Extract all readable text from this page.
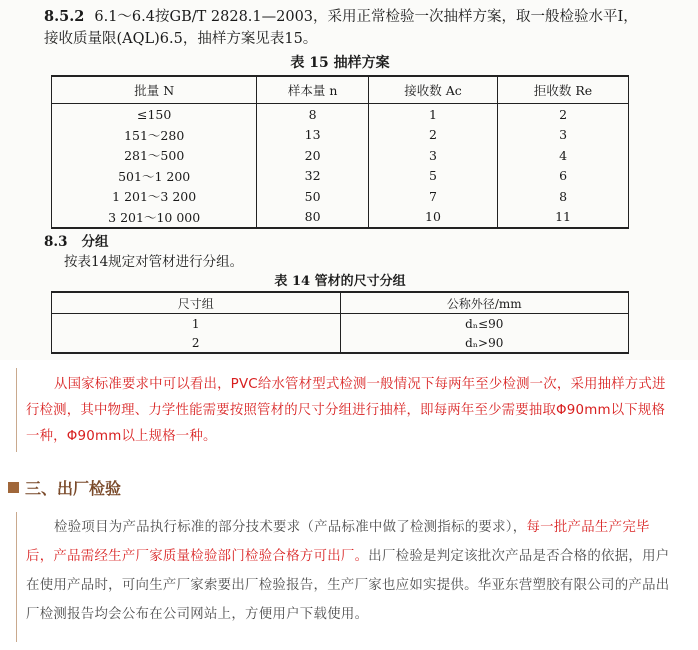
8.5.2 6.1～6.4按GB/T 2828.1—2003，采用正常检验一次抽样方案，取一般检验水平Ⅰ，接收质量限(AQL)6.5，抽样方案见表15。
表 15 抽样方案
批量 N	样本量 n	接收数 Ac	拒收数 Re
≤150	8	1	2
151～280	13	2	3
281～500	20	3	4
501～1 200	32	5	6
1 201～3 200	50	7	8
3 201～10 000	80	10	11
8.3 分组
按表14规定对管材进行分组。
表 14 管材的尺寸分组
尺寸组	公称外径/mm
1	dₙ≤90
2	dₙ>90
从国家标准要求中可以看出，PVC给水管材型式检测一般情况下每两年至少检测一次，采用抽样方式进行检测，其中物理、力学性能需要按照管材的尺寸分组进行抽样，即每两年至少需要抽取Φ90mm以下规格一种，Φ90mm以上规格一种。
三、出厂检验
检验项目为产品执行标准的部分技术要求（产品标准中做了检测指标的要求），每一批产品生产完毕后，产品需经生产厂家质量检验部门检验合格方可出厂。出厂检验是判定该批次产品是否合格的依据，用户在使用产品时，可向生产厂家索要出厂检验报告，生产厂家也应如实提供。华亚东营塑胶有限公司的产品出厂检测报告均会公布在公司网站上，方便用户下载使用。
